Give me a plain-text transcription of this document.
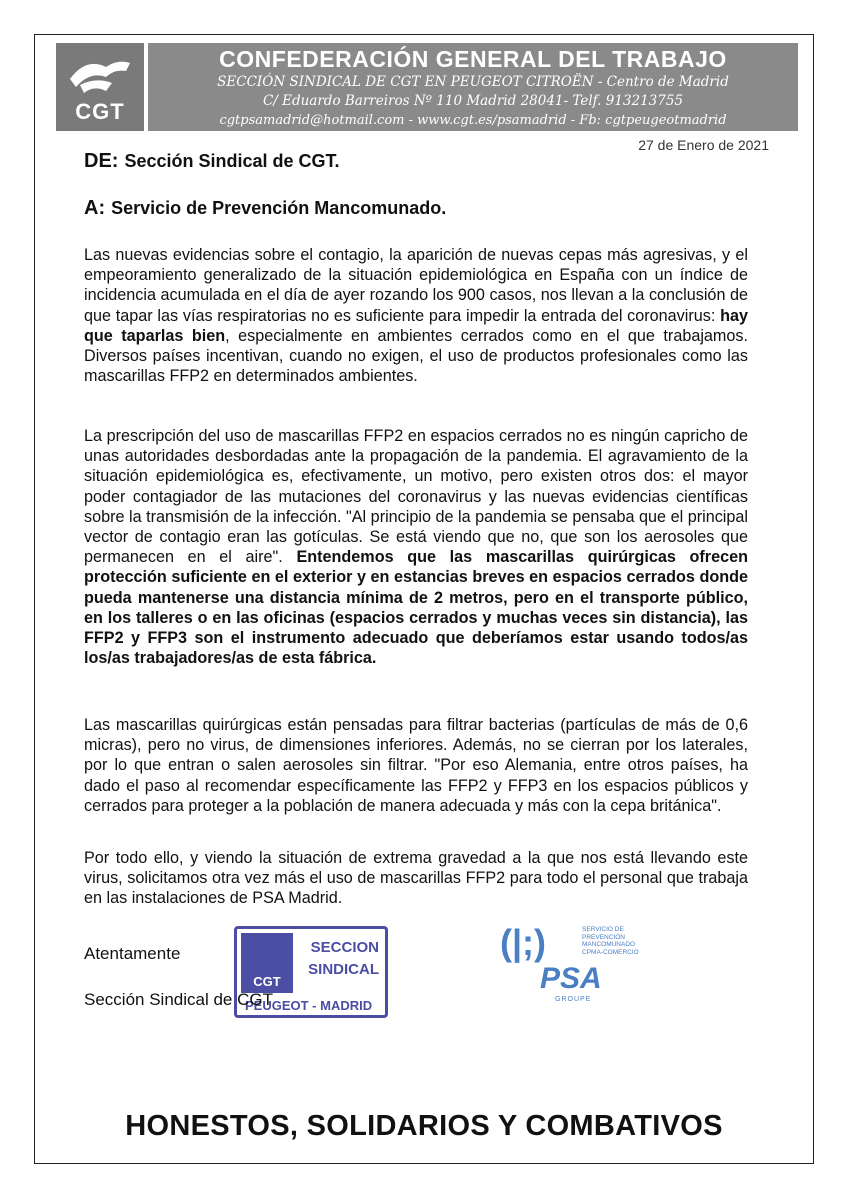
CGT
CONFEDERACIÓN GENERAL DEL TRABAJO
SECCIÓN SINDICAL DE CGT EN PEUGEOT CITROËN - Centro de Madrid
C/ Eduardo Barreiros Nº 110 Madrid 28041- Telf. 913213755
cgtpsamadrid@hotmail.com - www.cgt.es/psamadrid - Fb: cgtpeugeotmadrid
27 de Enero de 2021
DE: Sección Sindical de CGT.
A: Servicio de Prevención Mancomunado.
Las nuevas evidencias sobre el contagio, la aparición de nuevas cepas más agresivas, y el empeoramiento generalizado de la situación epidemiológica en España con un índice de incidencia acumulada en el día de ayer rozando los 900 casos, nos llevan a la conclusión de que tapar las vías respiratorias no es suficiente para impedir la entrada del coronavirus: hay que taparlas bien, especialmente en ambientes cerrados como en el que trabajamos. Diversos países incentivan, cuando no exigen, el uso de productos profesionales como las mascarillas FFP2 en determinados ambientes.
La prescripción del uso de mascarillas FFP2 en espacios cerrados no es ningún capricho de unas autoridades desbordadas ante la propagación de la pandemia. El agravamiento de la situación epidemiológica es, efectivamente, un motivo, pero existen otros dos: el mayor poder contagiador de las mutaciones del coronavirus y las nuevas evidencias científicas sobre la transmisión de la infección. "Al principio de la pandemia se pensaba que el principal vector de contagio eran las gotículas. Se está viendo que no, que son los aerosoles que permanecen en el aire". Entendemos que las mascarillas quirúrgicas ofrecen protección suficiente en el exterior y en estancias breves en espacios cerrados donde pueda mantenerse una distancia mínima de 2 metros, pero en el transporte público, en los talleres o en las oficinas (espacios cerrados y muchas veces sin distancia), las FFP2 y FFP3 son el instrumento adecuado que deberíamos estar usando todos/as los/as trabajadores/as de esta fábrica.
Las mascarillas quirúrgicas están pensadas para filtrar bacterias (partículas de más de 0,6 micras), pero no virus, de dimensiones inferiores. Además, no se cierran por los laterales, por lo que entran o salen aerosoles sin filtrar. "Por eso Alemania, entre otros países, ha dado el paso al recomendar específicamente las FFP2 y FFP3 en los espacios públicos y cerrados para proteger a la población de manera adecuada y más con la cepa británica".
Por todo ello, y viendo la situación de extrema gravedad a la que nos está llevando este virus, solicitamos otra vez más el uso de mascarillas FFP2 para todo el personal que trabaja en las instalaciones de PSA Madrid.
CGT
SECCION
SINDICAL
PEUGEOT - MADRID
Atentamente
Sección Sindical de CGT
(|;)	SERVICIO DE PREVENCIÓN MANCOMUNADO CPMA-COMERCIO
PSA
GROUPE
HONESTOS, SOLIDARIOS Y COMBATIVOS
